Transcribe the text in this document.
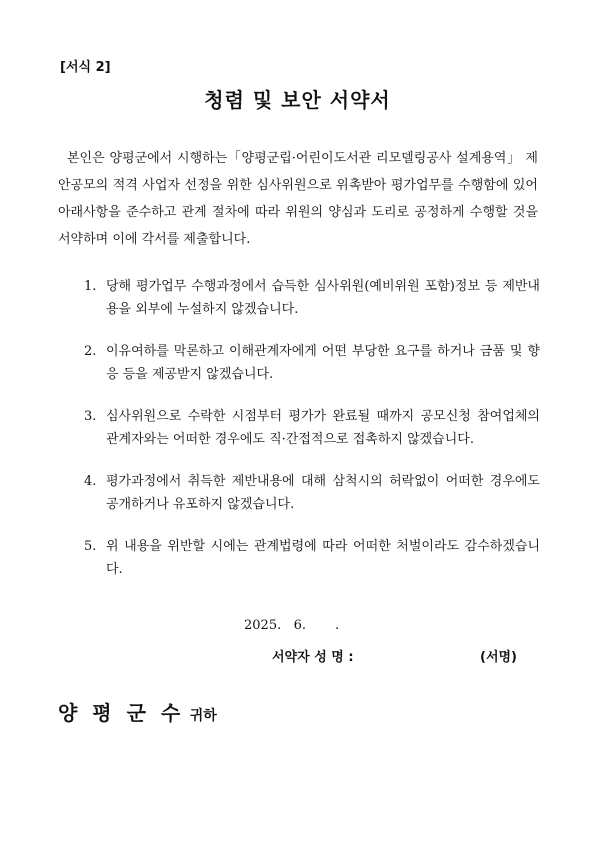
[서식 2]
청렴 및 보안 서약서

본인은 양평군에서 시행하는「양평군립·어린이도서관 리모델링공사 설계용역」 제안공모의 적격 사업자 선정을 위한 심사위원으로 위촉받아 평가업무를 수행함에 있어 아래사항을 준수하고 관계 절차에 따라 위원의 양심과 도리로 공정하게 수행할 것을 서약하며 이에 각서를 제출합니다.

1. 당해 평가업무 수행과정에서 습득한 심사위원(예비위원 포함)정보 등 제반내용을 외부에 누설하지 않겠습니다.
2. 이유여하를 막론하고 이해관계자에게 어떤 부당한 요구를 하거나 금품 및 향응 등을 제공받지 않겠습니다.
3. 심사위원으로 수락한 시점부터 평가가 완료될 때까지 공모신청 참여업체의 관계자와는 어떠한 경우에도 직·간접적으로 접촉하지 않겠습니다.
4. 평가과정에서 취득한 제반내용에 대해 삼척시의 허락없이 어떠한 경우에도 공개하거나 유포하지 않겠습니다.
5. 위 내용을 위반할 시에는 관계법령에 따라 어떠한 처벌이라도 감수하겠습니다.
2025.   6.       .

서약자 성 명 :

	(서명)

양 평 군 수 귀하
